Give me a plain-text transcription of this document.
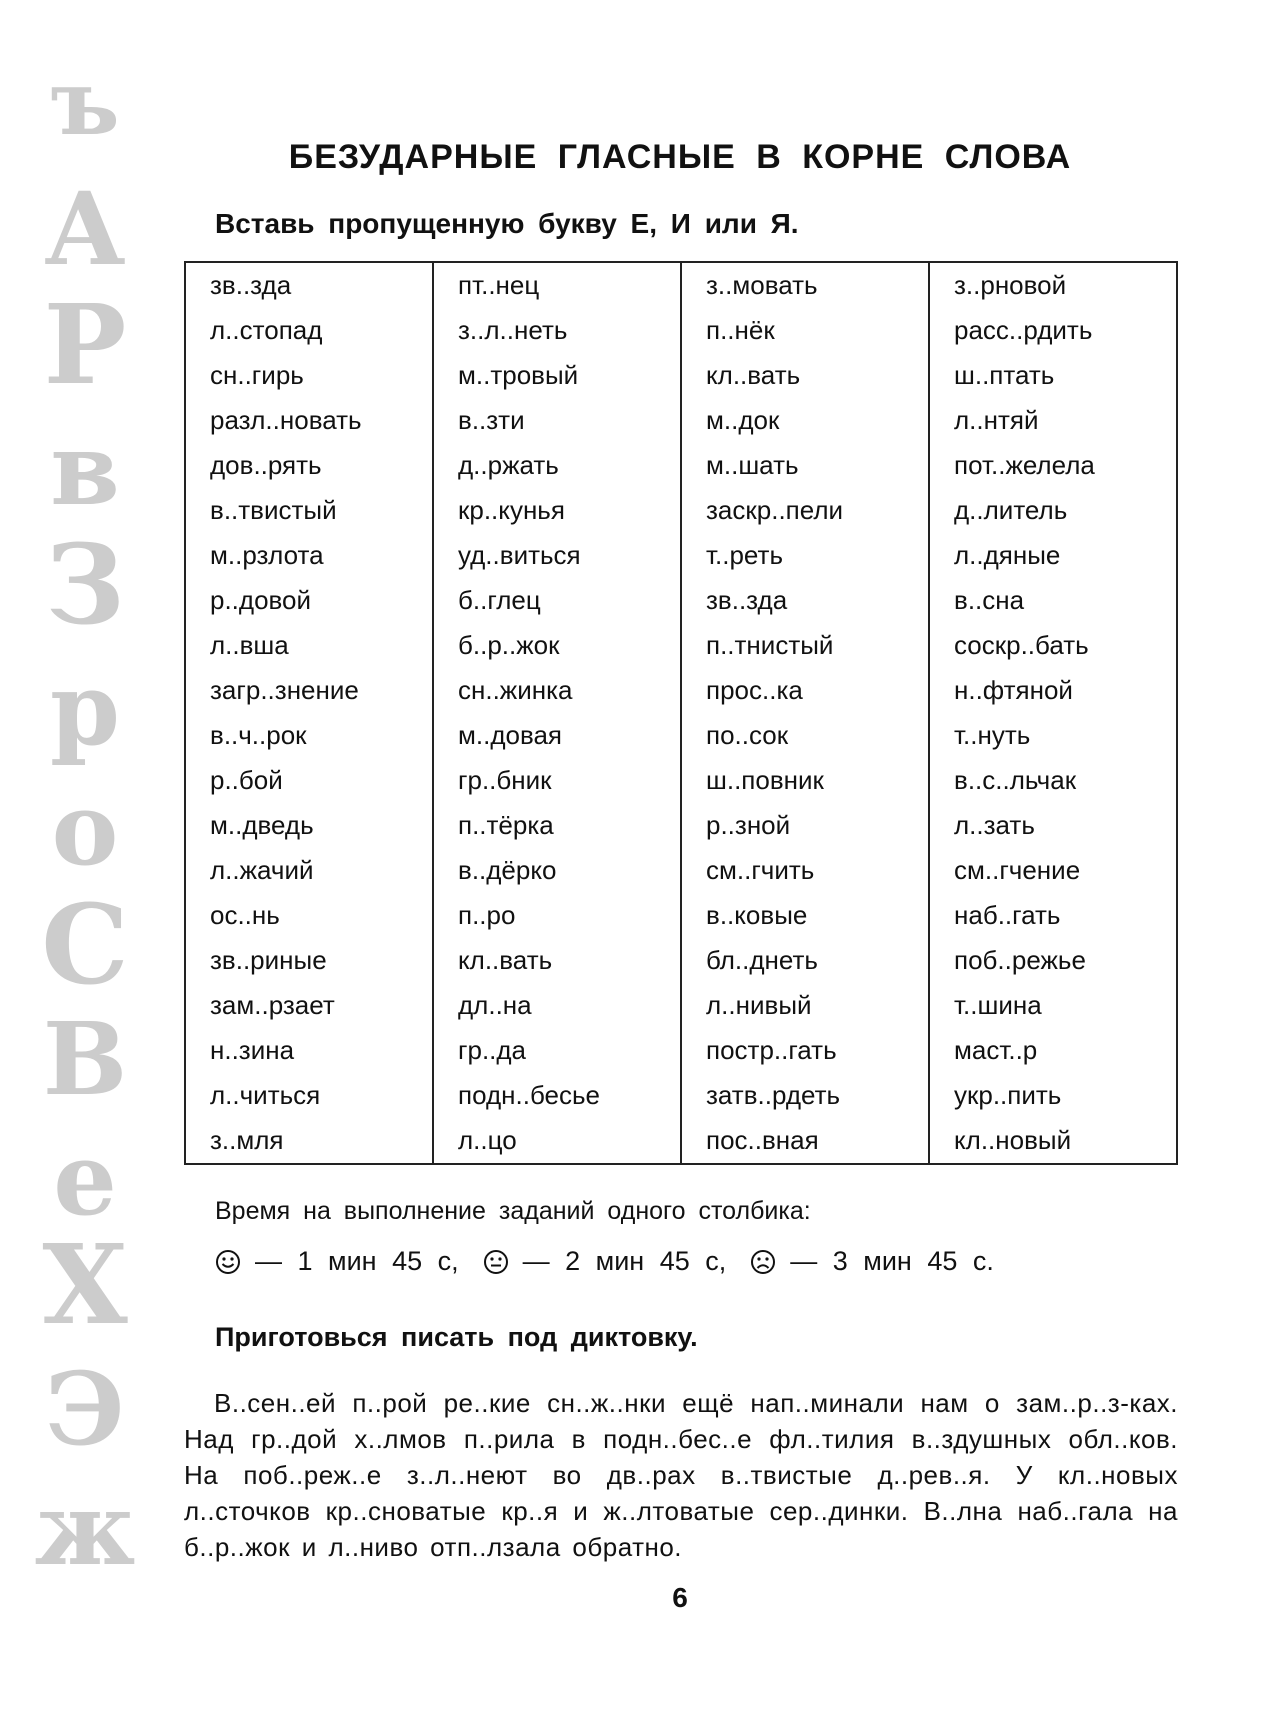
ъ
А
Р
в
З
р
о
С
В
е
Х
Э
ж
БЕЗУДАРНЫЕ ГЛАСНЫЕ В КОРНЕ СЛОВА
Вставь пропущенную букву Е, И или Я.
зв..зда	пт..нец	з..мовать	з..рновой
л..стопад	з..л..неть	п..нёк	расс..рдить
сн..гирь	м..тровый	кл..вать	ш..птать
разл..новать	в..зти	м..док	л..нтяй
дов..рять	д..ржать	м..шать	пот..желела
в..твистый	кр..кунья	заскр..пели	д..литель
м..рзлота	уд..виться	т..реть	л..дяные
р..довой	б..глец	зв..зда	в..сна
л..вша	б..р..жок	п..тнистый	соскр..бать
загр..знение	сн..жинка	прос..ка	н..фтяной
в..ч..рок	м..довая	по..сок	т..нуть
р..бой	гр..бник	ш..повник	в..с..льчак
м..дведь	п..тёрка	р..зной	л..зать
л..жачий	в..дёрко	см..гчить	см..гчение
ос..нь	п..ро	в..ковые	наб..гать
зв..риные	кл..вать	бл..днеть	поб..режье
зам..рзает	дл..на	л..нивый	т..шина
н..зина	гр..да	постр..гать	маст..р
л..читься	подн..бесье	затв..рдеть	укр..пить
з..мля	л..цо	пос..вная	кл..новый
Время на выполнение заданий одного столбика:
— 1 мин 45 с, — 2 мин 45 с, — 3 мин 45 с.
Приготовься писать под диктовку.
В..сен..ей п..рой ре..кие сн..ж..нки ещё нап..минали нам о зам..р..з-ках. Над гр..дой х..лмов п..рила в подн..бес..е фл..тилия в..здушных обл..ков. На поб..реж..е з..л..неют во дв..рах в..твистые д..рев..я. У кл..новых л..сточков кр..сноватые кр..я и ж..лтоватые сер..динки. В..лна наб..гала на б..р..жок и л..ниво отп..лзала обратно.
6
